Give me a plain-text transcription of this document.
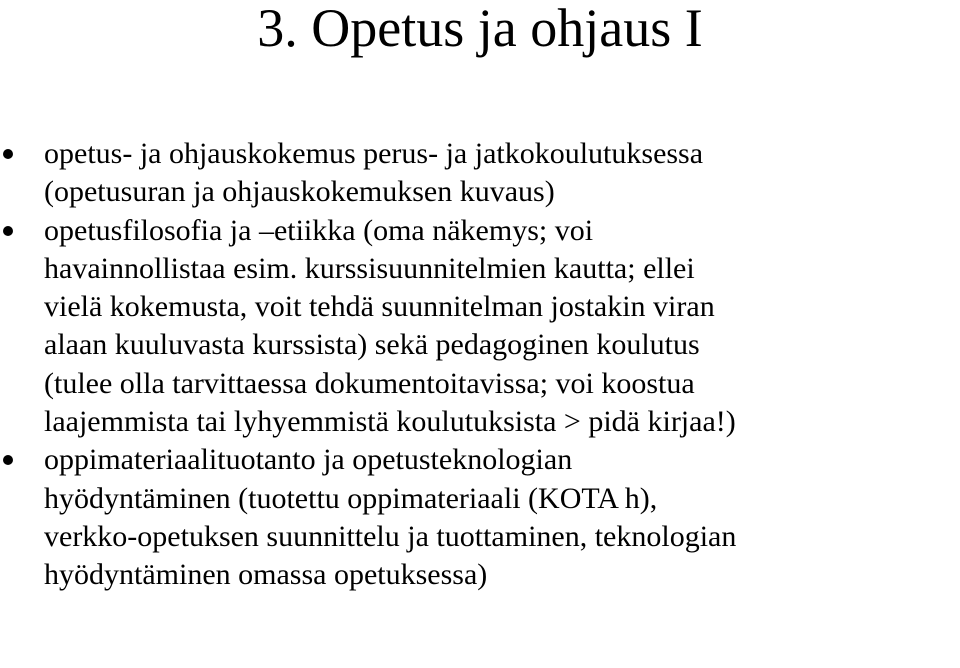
3. Opetus ja ohjaus I

opetus- ja ohjauskokemus perus- ja jatkokoulutuksessa
(opetusuran ja ohjauskokemuksen kuvaus)

opetusfilosofia ja –etiikka (oma näkemys; voi
havainnollistaa esim. kurssisuunnitelmien kautta; ellei
vielä kokemusta, voit tehdä suunnitelman jostakin viran
alaan kuuluvasta kurssista) sekä pedagoginen koulutus
(tulee olla tarvittaessa dokumentoitavissa; voi koostua
laajemmista tai lyhyemmistä koulutuksista > pidä kirjaa!)

oppimateriaalituotanto ja opetusteknologian
hyödyntäminen (tuotettu oppimateriaali (KOTA h),
verkko-opetuksen suunnittelu ja tuottaminen, teknologian
hyödyntäminen omassa opetuksessa)
